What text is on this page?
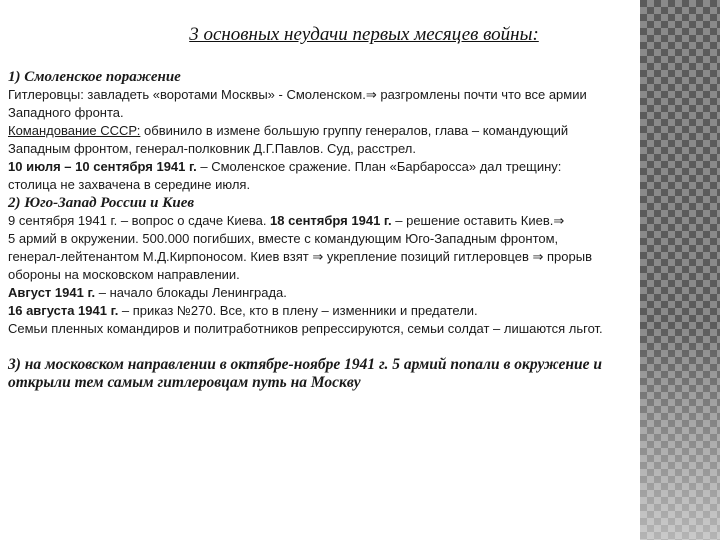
3 основных неудачи первых месяцев войны:
1) Смоленское поражение
Гитлеровцы: завладеть «воротами Москвы» - Смоленском.⇒ разгромлены почти что все армии
Западного фронта.
Командование СССР: обвинило в измене большую группу генералов, глава – командующий
Западным фронтом, генерал-полковник Д.Г.Павлов. Суд, расстрел.
10 июля – 10 сентября 1941 г. – Смоленское сражение. План «Барбаросса» дал трещину:
столица не захвачена в середине июля.
2) Юго-Запад России и Киев
9 сентября 1941 г. – вопрос о сдаче Киева. 18 сентября 1941 г. – решение оставить Киев.⇒
5 армий в окружении. 500.000 погибших, вместе с командующим Юго-Западным фронтом,
генерал-лейтенантом М.Д.Кирпоносом. Киев взят ⇒ укрепление позиций гитлеровцев ⇒ прорыв
обороны на московском направлении.
Август 1941 г. – начало блокады Ленинграда.
16 августа 1941 г. – приказ №270. Все, кто в плену – изменники и предатели.
Семьи пленных командиров и политработников репрессируются, семьи солдат – лишаются льгот.
3) на московском направлении в октябре-ноябре 1941 г. 5 армий попали в окружение и
открыли тем самым гитлеровцам путь на Москву
